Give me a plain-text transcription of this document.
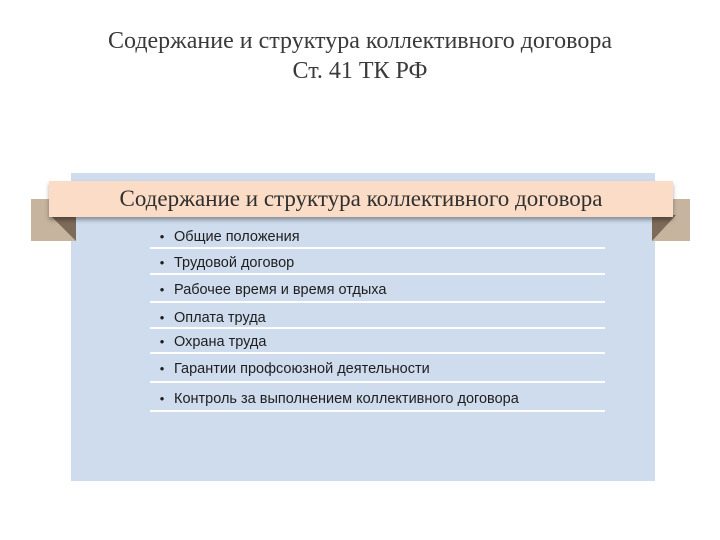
Содержание и структура коллективного договора
Ст. 41 ТК РФ
Содержание и структура коллективного договора
• Общие положения
• Трудовой договор
• Рабочее время и время отдыха
• Оплата труда
• Охрана труда
• Гарантии профсоюзной деятельности
• Контроль за выполнением коллективного договора
